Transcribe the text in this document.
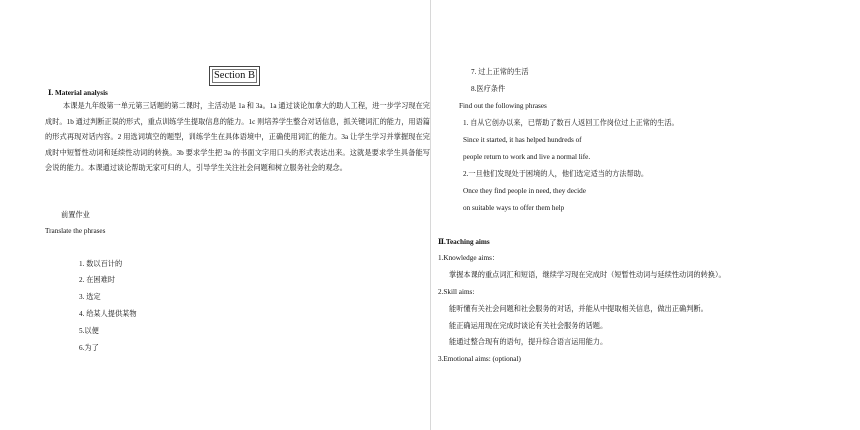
Section B
Ⅰ. Material analysis
本课是九年级第一单元第三话题的第二课时，主活动是 1a 和 3a。1a 通过谈论加拿大的助人工程，进一步学习现在完成时。1b 通过判断正误的形式，重点训练学生提取信息的能力。1c 则培养学生整合对话信息，抓关键词汇的能力，用语篇的形式再现对话内容。2 用选词填空的题型，训练学生在具体语境中，正确使用词汇的能力。3a 让学生学习并掌握现在完成时中短暂性动词和延续性动词的转换。3b 要求学生把 3a 的书面文字用口头的形式表达出来。这就是要求学生具备能写会说的能力。本课通过谈论帮助无家可归的人，引导学生关注社会问题和树立服务社会的观念。
前置作业
Translate the phrases
1. 数以百计的
2. 在困难时
3. 选定
4. 给某人提供某物
5.以便
6.为了
7. 过上正常的生活
8.医疗条件
Find out the following phrases
1. 自从它创办以来，已帮助了数百人返回工作岗位过上正常的生活。
Since it started, it has helped hundreds of
people return to work and live a normal life.
2.一旦他们发现处于困境的人，他们选定适当的方法帮助。
Once they find people in need, they decide
on suitable ways to offer them help
Ⅱ.Teaching aims
1.Knowledge aims：
掌握本课的重点词汇和短语，继续学习现在完成时（短暂性动词与延续性动词的转换）。
2.Skill aims:
能听懂有关社会问题和社会服务的对话，并能从中提取相关信息，做出正确判断。
能正确运用现在完成时谈论有关社会服务的话题。
能通过整合现有的语句，提升综合语言运用能力。
3.Emotional aims: (optional)
